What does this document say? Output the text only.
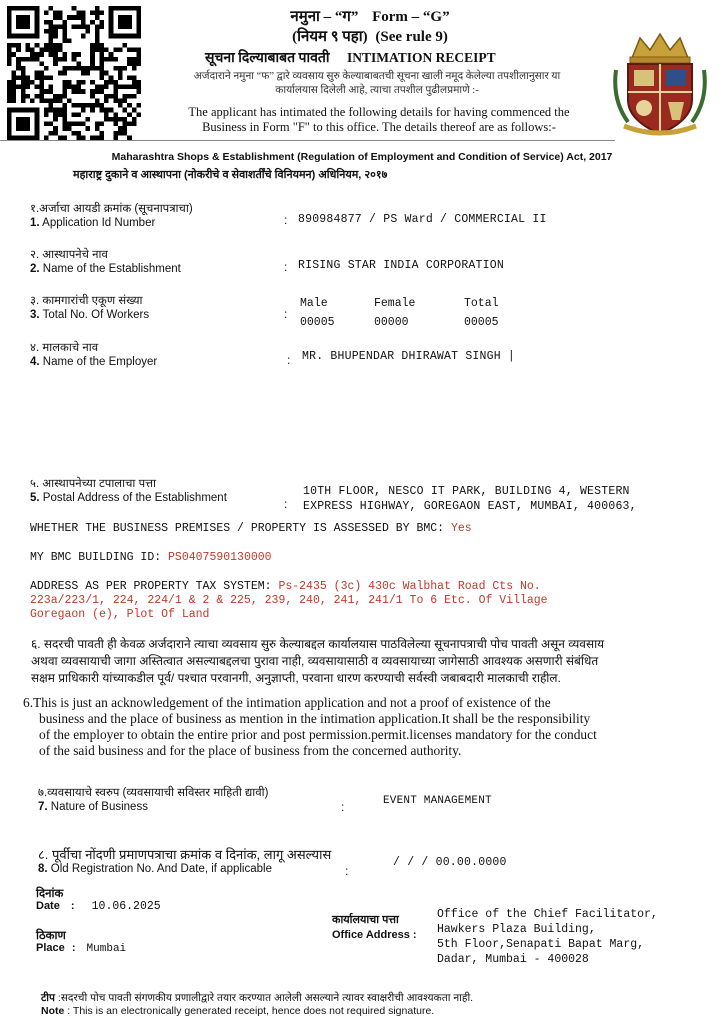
नमुना – “ग” Form – “G”
(नियम ९ पहा) (See rule 9)
सूचना दिल्याबाबत पावती INTIMATION RECEIPT
अर्जदाराने नमुना “फ” द्वारे व्यवसाय सुरु केल्याबाबतची सूचना खाली नमूद केलेल्या तपशीलानुसार या
कार्यालयास दिलेली आहे, त्याचा तपशील पुढीलप्रमाणे :-
The applicant has intimated the following details for having commenced the
Business in Form "F" to this office. The details thereof are as follows:-
Maharashtra Shops & Establishment (Regulation of Employment and Condition of Service) Act, 2017
महाराष्ट्र दुकाने व आस्थापना (नोकरीचे व सेवाशर्तींचे विनियमन) अधिनियम, २०१७
१.अर्जाचा आयडी क्रमांक (सूचनापत्राचा)
1. Application Id Number	: 890984877 / PS Ward / COMMERCIAL II
२. आस्थापनेचे नाव
2. Name of the Establishment	: RISING STAR INDIA CORPORATION
३. कामगारांची एकूण संख्या
3. Total No. Of Workers	:
Male	Female	Total
00005	00000	00005
४. मालकाचे नाव
4. Name of the Employer	: MR. BHUPENDAR DHIRAWAT SINGH |
५. आस्थापनेच्या टपालाचा पत्ता
5. Postal Address of the Establishment	:
10TH FLOOR, NESCO IT PARK, BUILDING 4, WESTERN
EXPRESS HIGHWAY, GOREGAON EAST, MUMBAI, 400063,
WHETHER THE BUSINESS PREMISES / PROPERTY IS ASSESSED BY BMC: Yes
MY BMC BUILDING ID: PS0407590130000
ADDRESS AS PER PROPERTY TAX SYSTEM: Ps-2435 (3c) 430c Walbhat Road Cts No.
223a/223/1, 224, 224/1 & 2 & 225, 239, 240, 241, 241/1 To 6 Etc. Of Village
Goregaon (e), Plot Of Land
६. सदरची पावती ही केवळ अर्जदाराने त्याचा व्यवसाय सुरु केल्याबद्दल कार्यालयास पाठविलेल्या सूचनापत्राची पोच पावती असून व्यवसाय
अथवा व्यवसायाची जागा अस्तित्वात असल्याबद्दलचा पुरावा नाही, व्यवसायासाठी व व्यवसायाच्या जागेसाठी आवश्यक असणारी संबंधित
सक्षम प्राधिकारी यांच्याकडील पूर्व/ पश्चात परवानगी, अनुज्ञाप्ती, परवाना धारण करण्याची सर्वस्वी जबाबदारी मालकाची राहील.
6.This is just an acknowledgement of the intimation application and not a proof of existence of the
business and the place of business as mention in the intimation application.It shall be the responsibility
of the employer to obtain the entire prior and post permission.permit.licenses mandatory for the conduct
of the said business and for the place of business from the concerned authority.
७.व्यवसायाचे स्वरुप (व्यवसायाची सविस्तर माहिती द्यावी)
7. Nature of Business	:	EVENT MANAGEMENT
८. पूर्वीचा नोंदणी प्रमाणपत्राचा क्रमांक व दिनांक, लागू असल्यास
8. Old Registration No. And Date, if applicable	:
/ / / 00.00.0000
दिनांक
Date : 10.06.2025
ठिकाण
Place : Mumbai
कार्यालयाचा पत्ता
Office Address :
Office of the Chief Facilitator,
Hawkers Plaza Building,
5th Floor,Senapati Bapat Marg,
Dadar, Mumbai - 400028
टीप :सदरची पोच पावती संगणकीय प्रणालीद्वारे तयार करण्यात आलेली असल्याने त्यावर स्वाक्षरीची आवश्यकता नाही.
Note : This is an electronically generated receipt, hence does not required signature.
